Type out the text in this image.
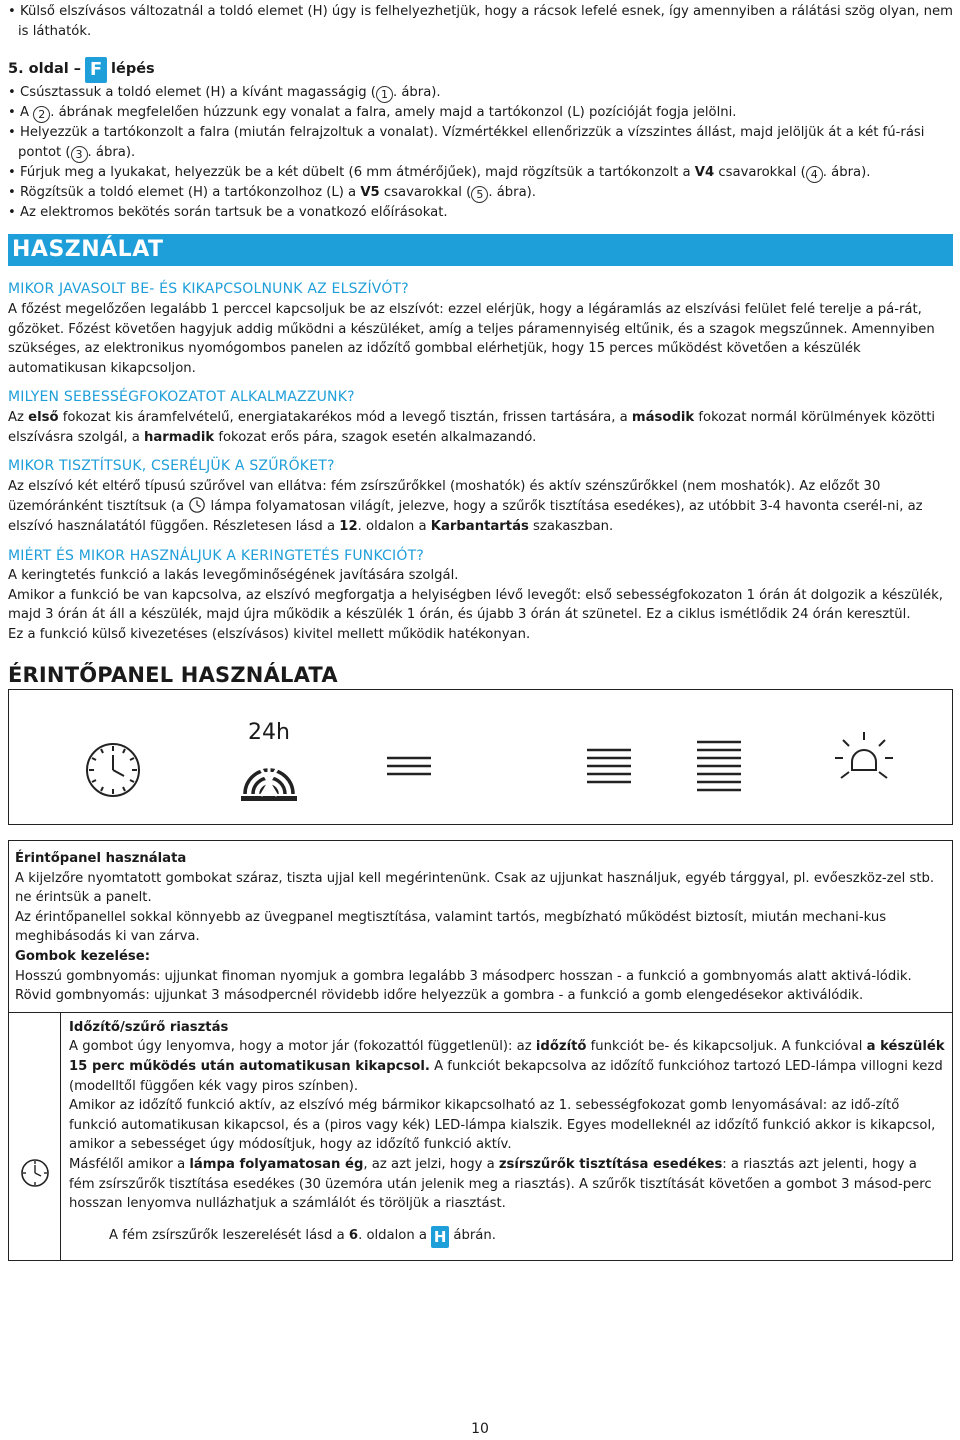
• Külső elszívásos változatnál a toldó elemet (H) úgy is felhelyezhetjük, hogy a rácsok lefelé esnek, így amennyiben a rálátási szög olyan, nem is láthatók.

5. oldal – F lépés

• Csúsztassuk a toldó elemet (H) a kívánt magasságig ( 1 . ábra).

• A 2 . ábrának megfelelően húzzunk egy vonalat a falra, amely majd a tartókonzol (L) pozícióját fogja jelölni.

• Helyezzük a tartókonzolt a falra (miután felrajzoltuk a vonalat). Vízmértékkel ellenőrizzük a vízszintes állást, majd jelöljük át a két fú-rási pontot ( 3 . ábra).

• Fúrjuk meg a lyukakat, helyezzük be a két dübelt (6 mm átmérőjűek), majd rögzítsük a tartókonzolt a V4 csavarokkal ( 4 . ábra).

• Rögzítsük a toldó elemet (H) a tartókonzolhoz (L) a V5 csavarokkal ( 5 . ábra).

• Az elektromos bekötés során tartsuk be a vonatkozó előírásokat.

HASZNÁLAT

MIKOR JAVASOLT BE- ÉS KIKAPCSOLNUNK AZ ELSZÍVÓT?

A főzést megelőzően legalább 1 perccel kapcsoljuk be az elszívót: ezzel elérjük, hogy a légáramlás az elszívási felület felé terelje a pá-rát, gőzöket. Főzést követően hagyjuk addig működni a készüléket, amíg a teljes páramennyiség eltűnik, és a szagok megszűnnek. Amennyiben szükséges, az elektronikus nyomógombos panelen az időzítő gombbal elérhetjük, hogy 15 perces működést követően a készülék automatikusan kikapcsoljon.

MILYEN SEBESSÉGFOKOZATOT ALKALMAZZUNK?

Az első fokozat kis áramfelvételű, energiatakarékos mód a levegő tisztán, frissen tartására, a második fokozat normál körülmények közötti elszívásra szolgál, a harmadik fokozat erős pára, szagok esetén alkalmazandó.

MIKOR TISZTÍTSUK, CSERÉLJÜK A SZŰRŐKET?

Az elszívó két eltérő típusú szűrővel van ellátva: fém zsírszűrőkkel (moshatók) és aktív szénszűrőkkel (nem moshatók). Az előzőt 30 üzemóránként tisztítsuk (a  lámpa folyamatosan világít, jelezve, hogy a szűrők tisztítása esedékes), az utóbbit 3-4 havonta cserél-ni, az elszívó használatától függően. Részletesen lásd a 12. oldalon a Karbantartás szakaszban.

MIÉRT ÉS MIKOR HASZNÁLJUK A KERINGTETÉS FUNKCIÓT?

A keringtetés funkció a lakás levegőminőségének javítására szolgál.

Amikor a funkció be van kapcsolva, az elszívó megforgatja a helyiségben lévő levegőt: első sebességfokozaton 1 órán át dolgozik a készülék, majd 3 órán át áll a készülék, majd újra működik a készülék 1 órán, és újabb 3 órán át szünetel. Ez a ciklus ismétlődik 24 órán keresztül.

Ez a funkció külső kivezetéses (elszívásos) kivitel mellett működik hatékonyan.

ÉRINTŐPANEL HASZNÁLATA
24h

Érintőpanel használata

A kijelzőre nyomtatott gombokat száraz, tiszta ujjal kell megérintenünk. Csak az ujjunkat használjuk, egyéb tárggyal, pl. evőeszköz-zel stb. ne érintsük a panelt.

Az érintőpanellel sokkal könnyebb az üvegpanel megtisztítása, valamint tartós, megbízható működést biztosít, miután mechani-kus meghibásodás ki van zárva.

Gombok kezelése:

Hosszú gombnyomás: ujjunkat finoman nyomjuk a gombra legalább 3 másodperc hosszan - a funkció a gombnyomás alatt aktivá-lódik.

Rövid gombnyomás: ujjunkat 3 másodpercnél rövidebb időre helyezzük a gombra - a funkció a gomb elengedésekor aktiválódik.

Időzítő/szűrő riasztás

A gombot úgy lenyomva, hogy a motor jár (fokozattól függetlenül): az időzítő funkciót be- és kikapcsoljuk. A funkcióval a készülék 15 perc működés után automatikusan kikapcsol. A funkciót bekapcsolva az időzítő funkcióhoz tartozó LED-lámpa villogni kezd (modelltől függően kék vagy piros színben).

Amikor az időzítő funkció aktív, az elszívó még bármikor kikapcsolható az 1. sebességfokozat gomb lenyomásával: az idő-zítő funkció automatikusan kikapcsol, és a (piros vagy kék) LED-lámpa kialszik. Egyes modelleknél az időzítő funkció akkor is kikapcsol, amikor a sebességet úgy módosítjuk, hogy az időzítő funkció aktív.

Másfélől amikor a lámpa folyamatosan ég, az azt jelzi, hogy a zsírszűrők tisztítása esedékes: a riasztás azt jelenti, hogy a fém zsírszűrők tisztítása esedékes (30 üzemóra után jelenik meg a riasztás). A szűrők tisztítását követően a gombot 3 másod-perc hosszan lenyomva nullázhatjuk a számlálót és töröljük a riasztást.

A fém zsírszűrők leszerelését lásd a 6. oldalon a H ábrán.

10
